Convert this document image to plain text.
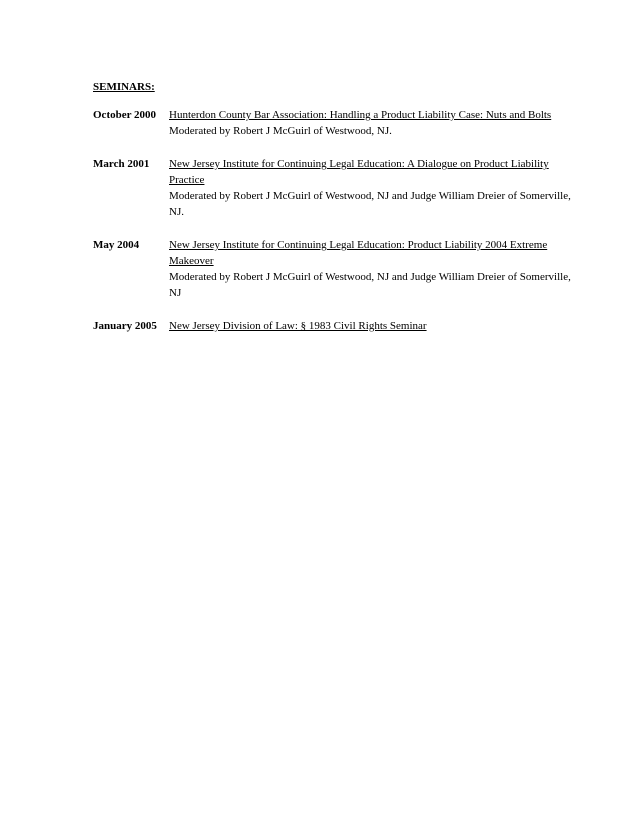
SEMINARS:
October 2000	Hunterdon County Bar Association: Handling a Product Liability Case: Nuts and Bolts
Moderated by Robert J McGuirl of Westwood, NJ.
March 2001	New Jersey Institute for Continuing Legal Education: A Dialogue on Product Liability Practice
Moderated by Robert J McGuirl of Westwood, NJ and Judge William Dreier of Somerville, NJ.
May 2004	New Jersey Institute for Continuing Legal Education: Product Liability 2004 Extreme Makeover
Moderated by Robert J McGuirl of Westwood, NJ and Judge William Dreier of Somerville, NJ
January 2005	New Jersey Division of Law: § 1983 Civil Rights Seminar
